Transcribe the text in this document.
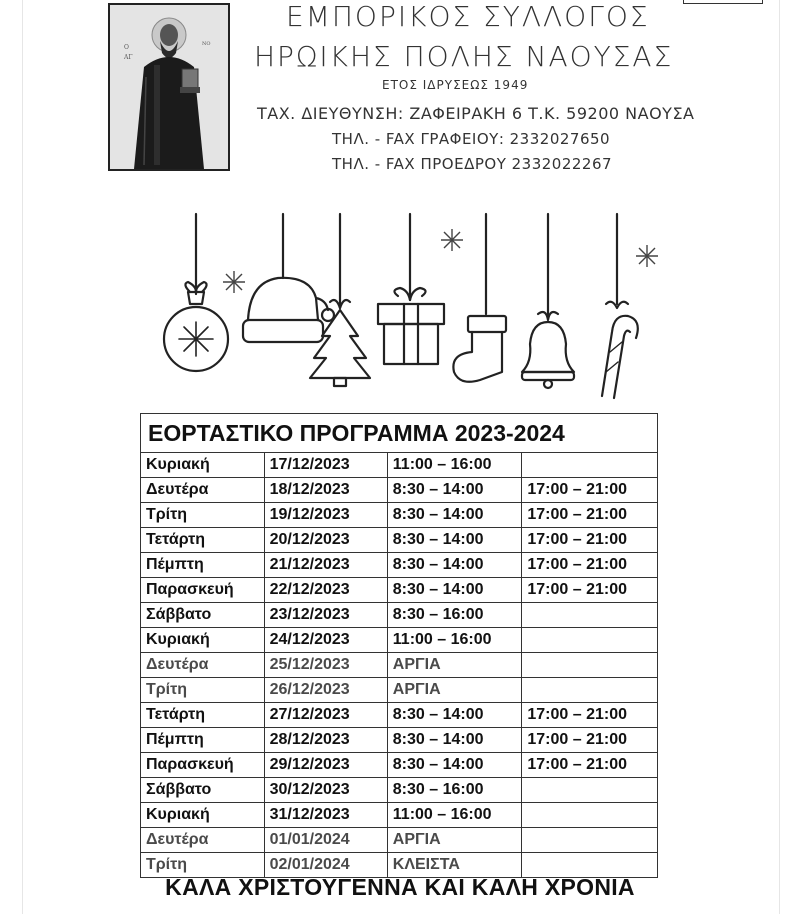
Ο
ΑΓ
ΝΟ
ΕΜΠΟΡΙΚΟΣ ΣΥΛΛΟΓΟΣ
ΗΡΩΙΚΗΣ ΠΟΛΗΣ ΝΑΟΥΣΑΣ
ΕΤΟΣ ΙΔΡΥΣΕΩΣ 1949
ΤΑΧ. ΔΙΕΥΘΥΝΣΗ: ΖΑΦΕΙΡΑΚΗ 6 Τ.Κ. 59200 ΝΑΟΥΣΑ
ΤΗΛ. - FAX ΓΡΑΦΕΙΟΥ: 2332027650
ΤΗΛ. - FAX ΠΡΟΕΔΡΟΥ 2332022267
ΕΟΡΤΑΣΤΙΚΟ ΠΡΟΓΡΑΜΜΑ 2023-2024			
Κυριακή	17/12/2023	11:00 – 16:00	
Δευτέρα	18/12/2023	8:30 – 14:00	17:00 – 21:00
Τρίτη	19/12/2023	8:30 – 14:00	17:00 – 21:00
Τετάρτη	20/12/2023	8:30 – 14:00	17:00 – 21:00
Πέμπτη	21/12/2023	8:30 – 14:00	17:00 – 21:00
Παρασκευή	22/12/2023	8:30 – 14:00	17:00 – 21:00
Σάββατο	23/12/2023	8:30 – 16:00	
Κυριακή	24/12/2023	11:00 – 16:00	
Δευτέρα	25/12/2023	ΑΡΓΙΑ	
Τρίτη	26/12/2023	ΑΡΓΙΑ	
Τετάρτη	27/12/2023	8:30 – 14:00	17:00 – 21:00
Πέμπτη	28/12/2023	8:30 – 14:00	17:00 – 21:00
Παρασκευή	29/12/2023	8:30 – 14:00	17:00 – 21:00
Σάββατο	30/12/2023	8:30 – 16:00	
Κυριακή	31/12/2023	11:00 – 16:00	
Δευτέρα	01/01/2024	ΑΡΓΙΑ	
Τρίτη	02/01/2024	ΚΛΕΙΣΤΑ	
ΚΑΛΑ ΧΡΙΣΤΟΥΓΕΝΝΑ ΚΑΙ ΚΑΛΗ ΧΡΟΝΙΑ
